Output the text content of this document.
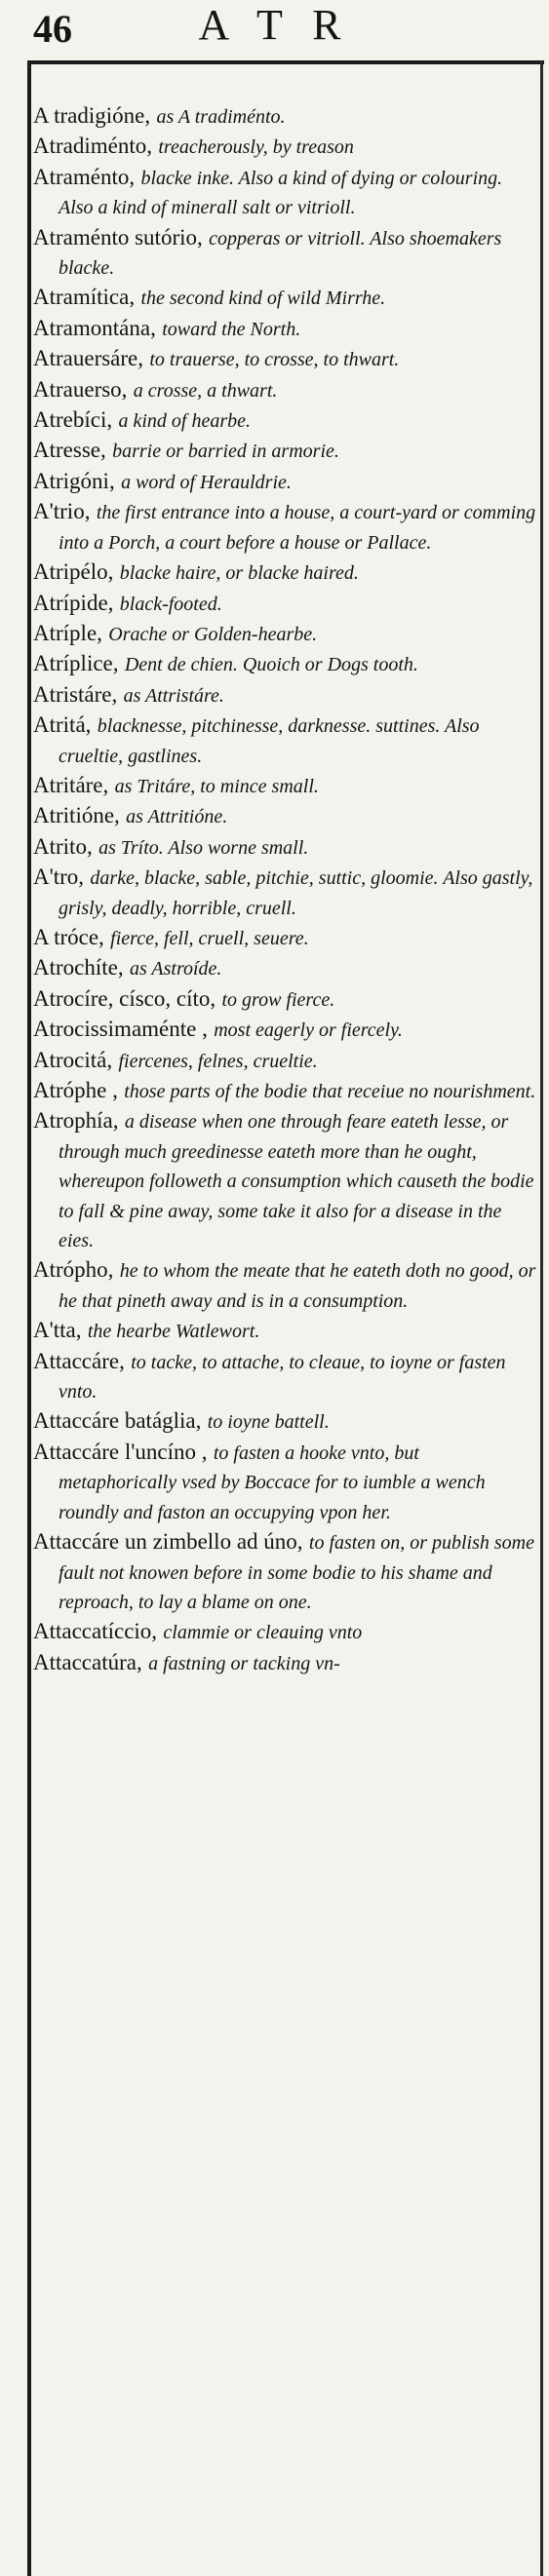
46	A T R

A tradigióne, as A tradiménto.

Atradiménto, treacherously, by treason

Atraménto, blacke inke. Also a kind of dying or colouring. Also a kind of minerall salt or vitrioll.

Atraménto sutório, copperas or vitrioll. Also shoemakers blacke.

Atramítica, the second kind of wild Mirrhe.

Atramontána, toward the North.

Atrauersáre, to trauerse, to crosse, to thwart.

Atrauerso, a crosse, a thwart.

Atrebíci, a kind of hearbe.

Atresse, barrie or barried in armorie.

Atrigóni, a word of Herauldrie.

A'trio, the first entrance into a house, a court-yard or comming into a Porch, a court before a house or Pallace.

Atripélo, blacke haire, or blacke haired.

Atrípide, black-footed.

Atríple, Orache or Golden-hearbe.

Atríplice, Dent de chien. Quoich or Dogs tooth.

Atristáre, as Attristáre.

Atritá, blacknesse, pitchinesse, darknesse. suttines. Also crueltie, gastlines.

Atritáre, as Tritáre, to mince small.

Atritióne, as Attritióne.

Atrito, as Tríto. Also worne small.

A'tro, darke, blacke, sable, pitchie, suttic, gloomie. Also gastly, grisly, deadly, horrible, cruell.

A tróce, fierce, fell, cruell, seuere.

Atrochíte, as Astroíde.

Atrocíre, císco, cíto, to grow fierce.

Atrocissimaménte , most eagerly or fiercely.

Atrocitá, fiercenes, felnes, crueltie.

Atróphe , those parts of the bodie that receiue no nourishment.

Atrophía, a disease when one through feare eateth lesse, or through much greedinesse eateth more than he ought, whereupon followeth a consumption which causeth the bodie to fall & pine away, some take it also for a disease in the eies.

Atrópho, he to whom the meate that he eateth doth no good, or he that pineth away and is in a consumption.

A'tta, the hearbe Watlewort.

Attaccáre, to tacke, to attache, to cleaue, to ioyne or fasten vnto.

Attaccáre batáglia, to ioyne battell.

Attaccáre l'uncíno , to fasten a hooke vnto, but metaphorically vsed by Boccace for to iumble a wench roundly and faston an occupying vpon her.

Attaccáre un zimbello ad úno, to fasten on, or publish some fault not knowen before in some bodie to his shame and reproach, to lay a blame on one.

Attaccatíccio, clammie or cleauing vnto

Attaccatúra, a fastning or tacking vn-
